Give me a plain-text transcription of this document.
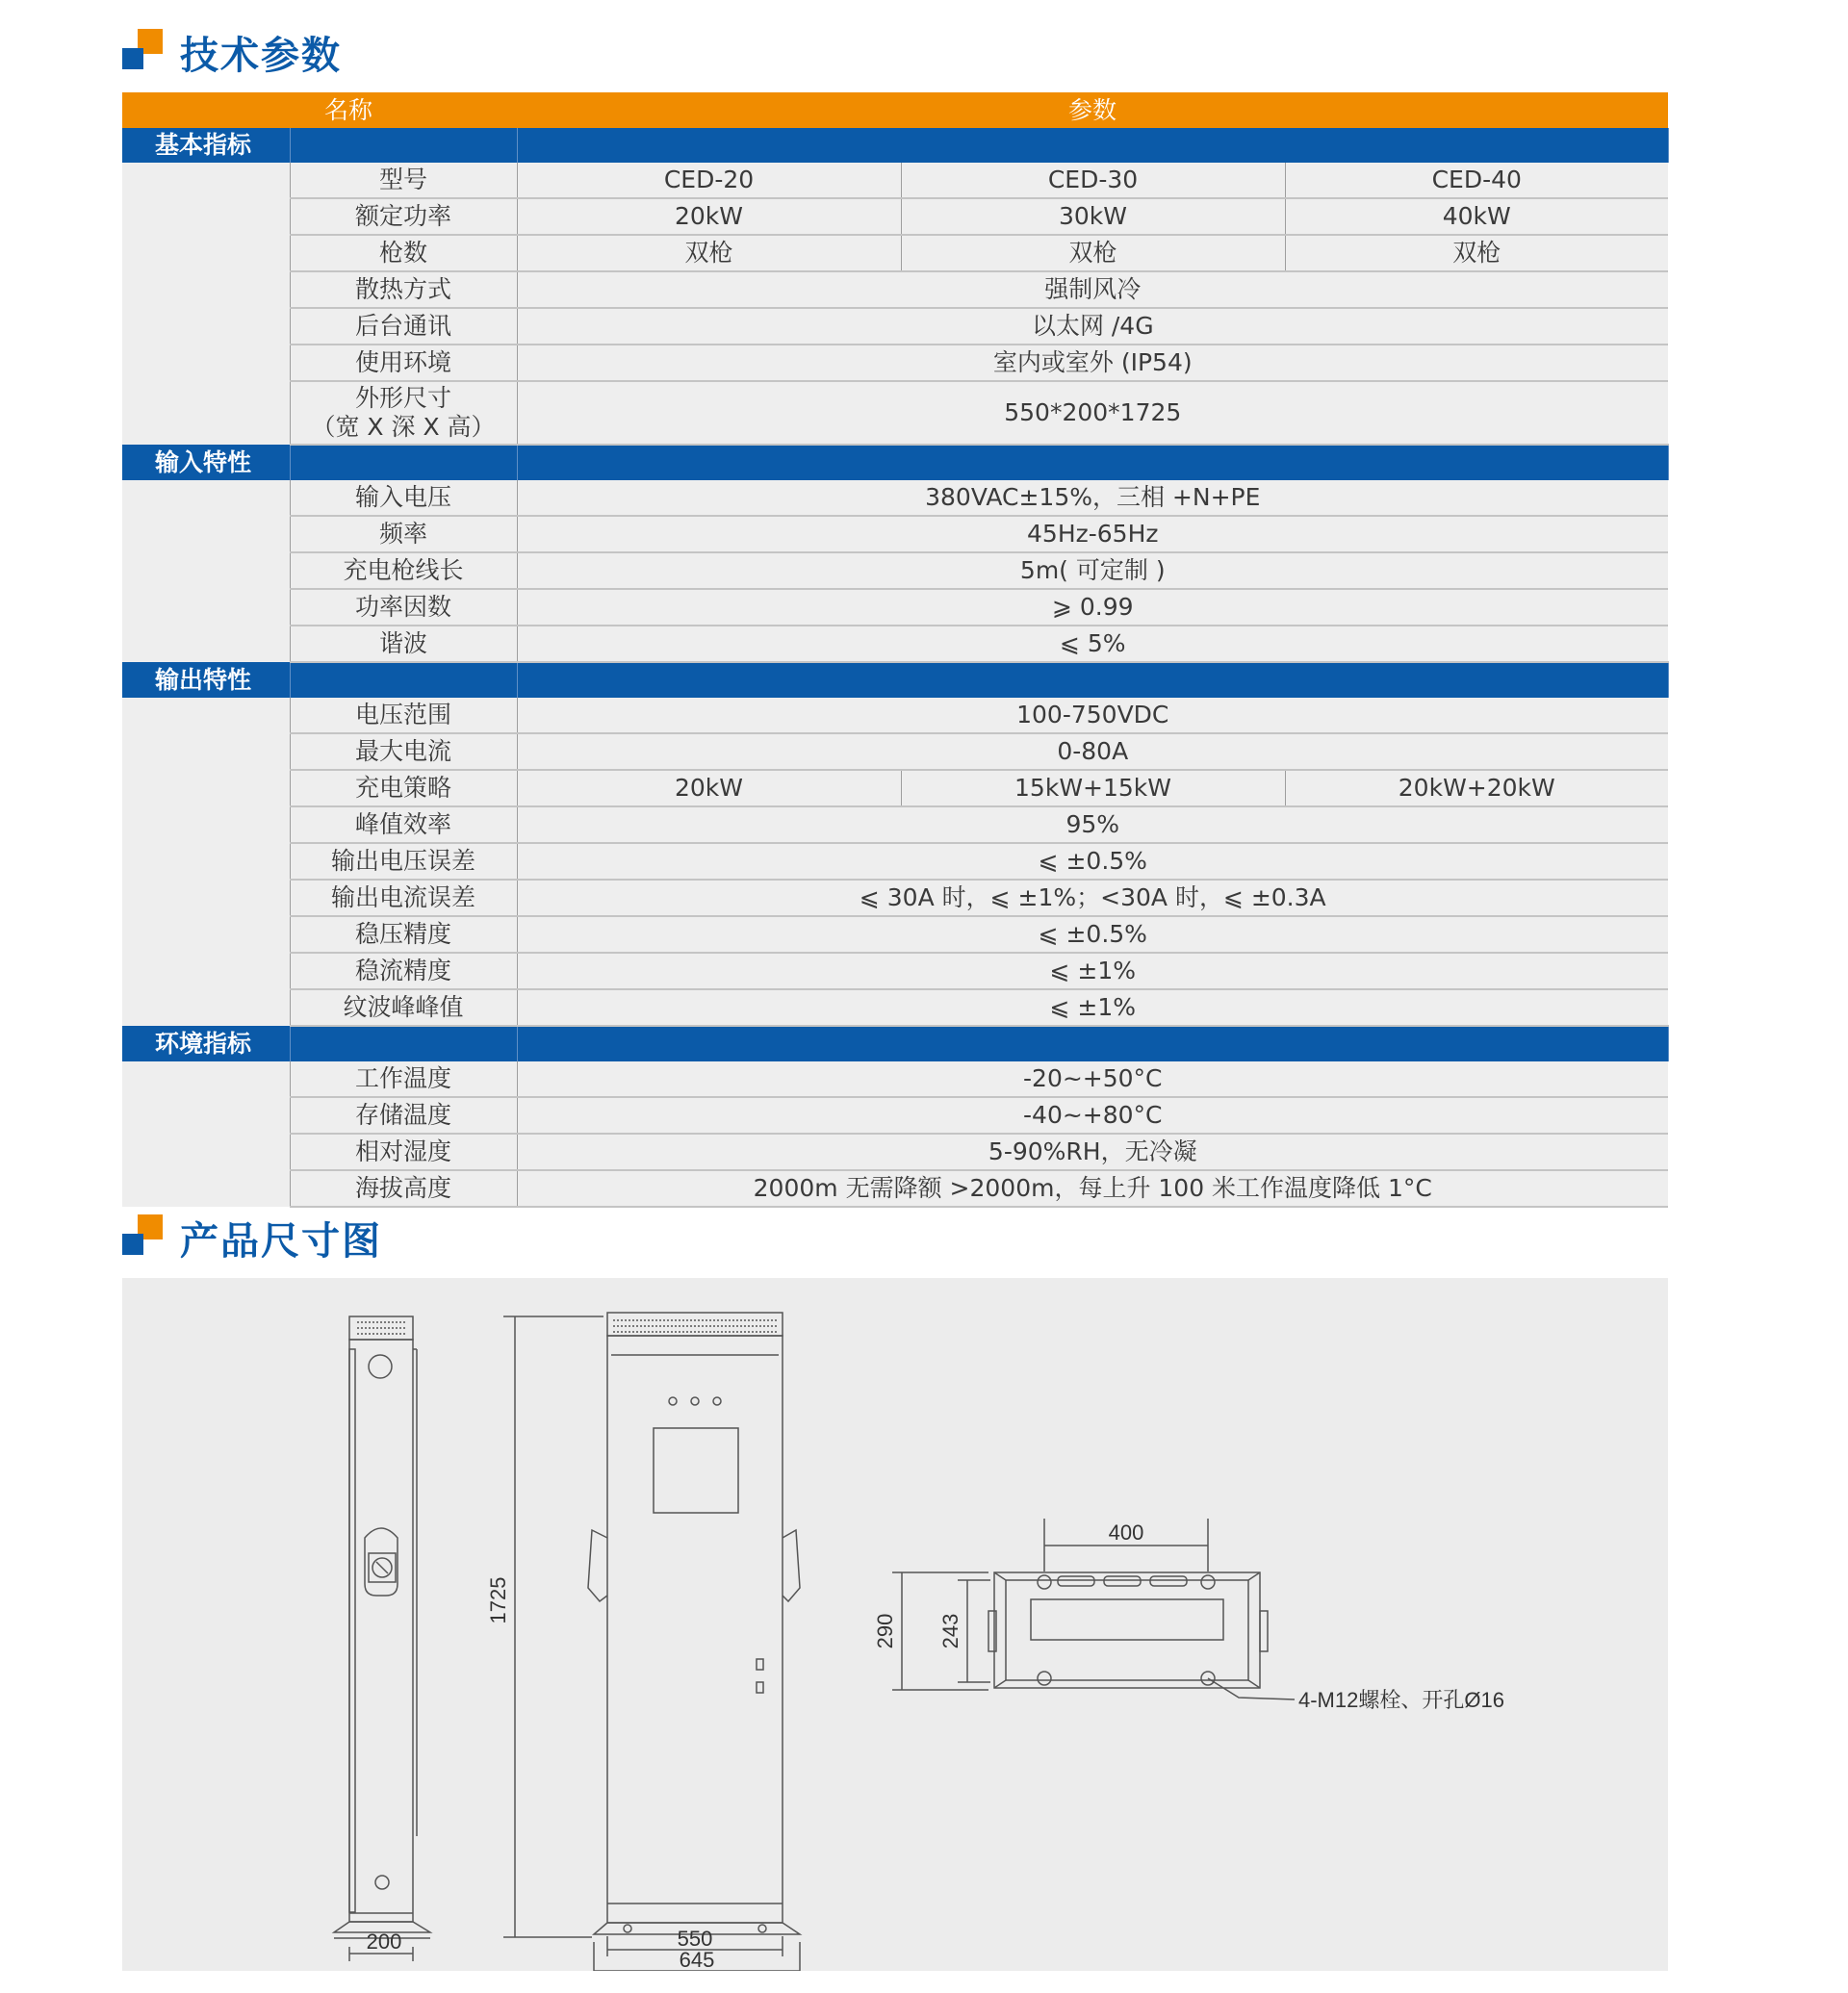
技术参数
名称		参数		
基本指标				
	型号	CED-20	CED-30	CED-40
	额定功率	20kW	30kW	40kW
	枪数	双枪	双枪	双枪
	散热方式	强制风冷		
	后台通讯	以太网 /4G		
	使用环境	室内或室外 (IP54)		

	外形尺寸
（宽 X 深 X 高）	550*200*1725		
输入特性				
	输入电压	380VAC±15%，三相 +N+PE		
	频率	45Hz-65Hz		
	充电枪线长	5m( 可定制 )		
	功率因数	⩾ 0.99		
	谐波	⩽ 5%		
输出特性				
	电压范围	100-750VDC		
	最大电流	0-80A		
	充电策略	20kW	15kW+15kW	20kW+20kW
	峰值效率	95%		
	输出电压误差	⩽ ±0.5%		
	输出电流误差	⩽ 30A 时，⩽ ±1%；<30A 时，⩽ ±0.3A		
	稳压精度	⩽ ±0.5%		
	稳流精度	⩽ ±1%		
	纹波峰峰值	⩽ ±1%		
环境指标				
	工作温度	-20~+50°C		
	存储温度	-40~+80°C		
	相对湿度	5-90%RH，无冷凝		
	海拔高度	2000m 无需降额 >2000m，每上升 100 米工作温度降低 1°C		
产品尺寸图
200
1725
550
645
400
290 243
4-M12螺栓、开孔Ø16
